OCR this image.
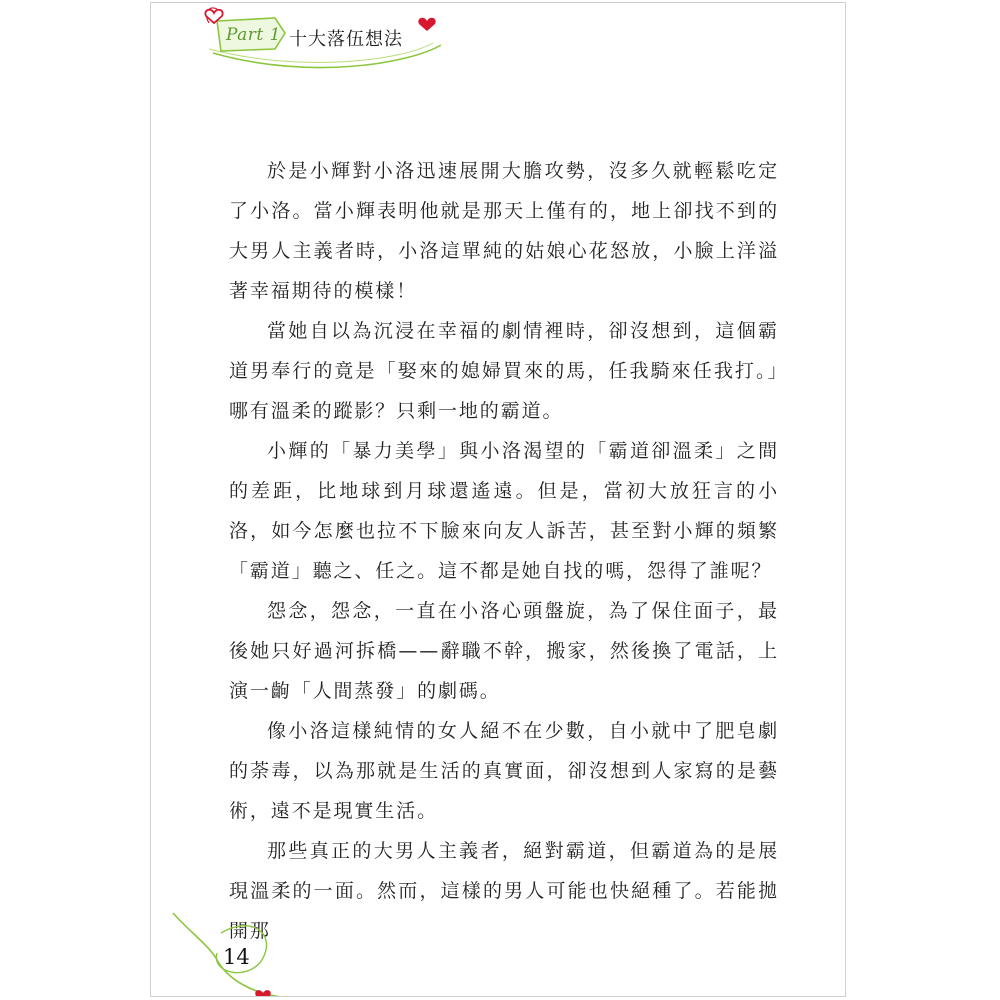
Part 1 十大落伍想法

於是小輝對小洛迅速展開大膽攻勢，沒多久就輕鬆吃定了小洛。當小輝表明他就是那天上僅有的，地上卻找不到的大男人主義者時，小洛這單純的姑娘心花怒放，小臉上洋溢著幸福期待的模樣！

當她自以為沉浸在幸福的劇情裡時，卻沒想到，這個霸道男奉行的竟是「娶來的媳婦買來的馬，任我騎來任我打。」哪有溫柔的蹤影？只剩一地的霸道。

小輝的「暴力美學」與小洛渴望的「霸道卻溫柔」之間的差距，比地球到月球還遙遠。但是，當初大放狂言的小洛，如今怎麼也拉不下臉來向友人訴苦，甚至對小輝的頻繁「霸道」聽之、任之。這不都是她自找的嗎，怨得了誰呢？

怨念，怨念，一直在小洛心頭盤旋，為了保住面子，最後她只好過河拆橋——辭職不幹，搬家，然後換了電話，上演一齣「人間蒸發」的劇碼。

像小洛這樣純情的女人絕不在少數，自小就中了肥皂劇的荼毒，以為那就是生活的真實面，卻沒想到人家寫的是藝術，遠不是現實生活。

那些真正的大男人主義者，絕對霸道，但霸道為的是展現溫柔的一面。然而，這樣的男人可能也快絕種了。若能拋開那

14
